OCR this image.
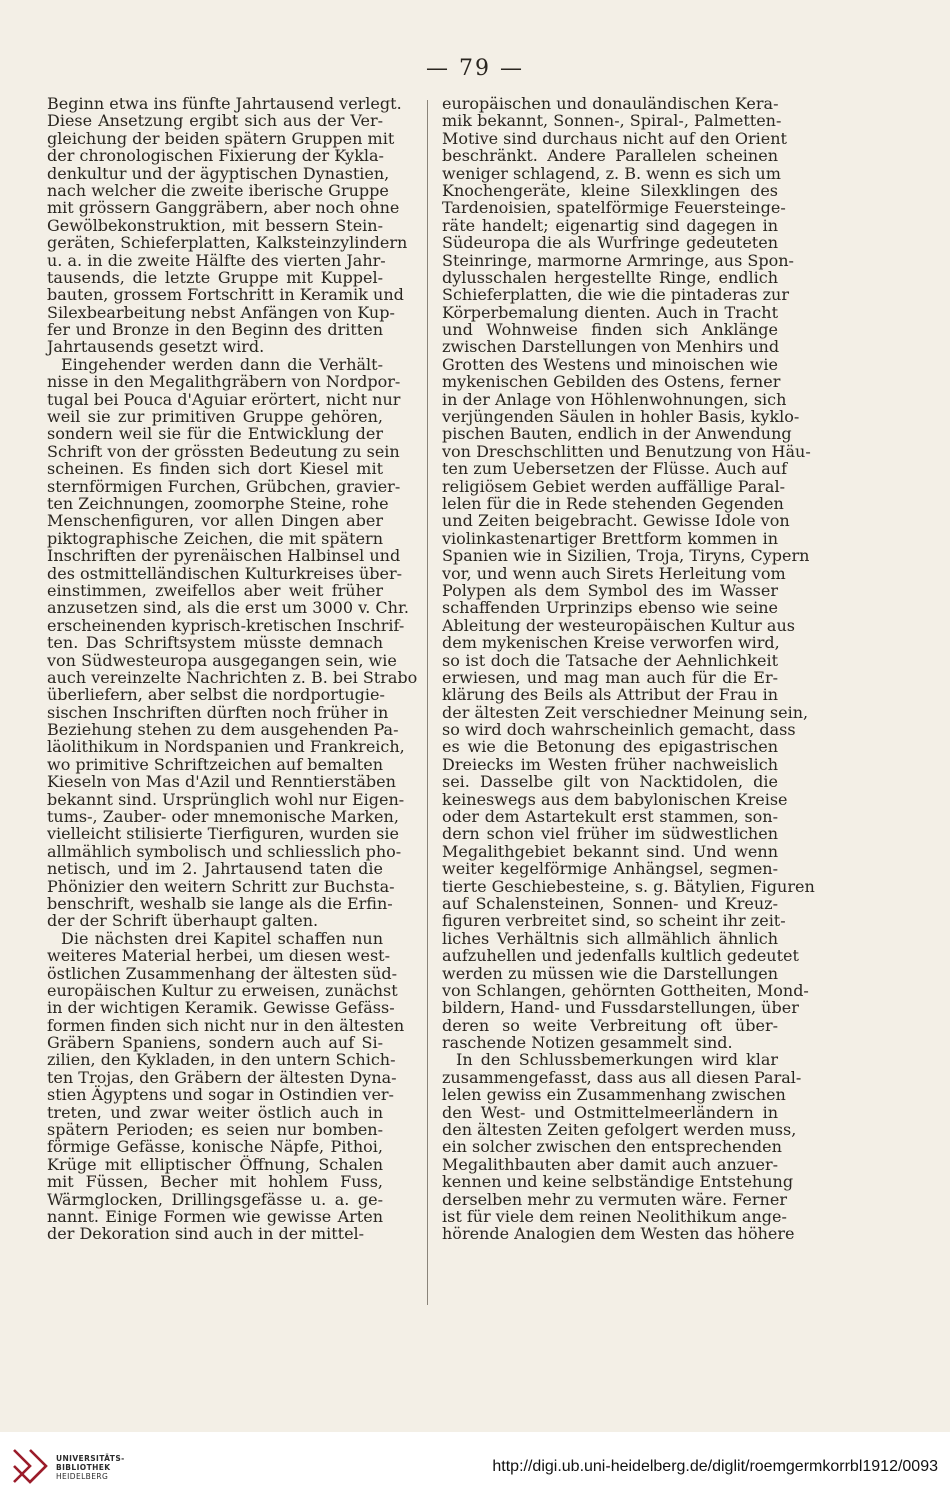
— 79 —
Beginn etwa ins fünfte Jahrtausend verlegt.
Diese Ansetzung ergibt sich aus der Ver-
gleichung der beiden spätern Gruppen mit
der chronologischen Fixierung der Kykla-
denkultur und der ägyptischen Dynastien,
nach welcher die zweite iberische Gruppe
mit grössern Ganggräbern, aber noch ohne
Gewölbekonstruktion, mit bessern Stein-
geräten, Schieferplatten, Kalksteinzylindern
u. a. in die zweite Hälfte des vierten Jahr-
tausends, die letzte Gruppe mit Kuppel-
bauten, grossem Fortschritt in Keramik und
Silexbearbeitung nebst Anfängen von Kup-
fer und Bronze in den Beginn des dritten
Jahrtausends gesetzt wird.
Eingehender werden dann die Verhält-
nisse in den Megalithgräbern von Nordpor-
tugal bei Pouca d'Aguiar erörtert, nicht nur
weil sie zur primitiven Gruppe gehören,
sondern weil sie für die Entwicklung der
Schrift von der grössten Bedeutung zu sein
scheinen. Es finden sich dort Kiesel mit
sternförmigen Furchen, Grübchen, gravier-
ten Zeichnungen, zoomorphe Steine, rohe
Menschenfiguren, vor allen Dingen aber
piktographische Zeichen, die mit spätern
Inschriften der pyrenäischen Halbinsel und
des ostmittelländischen Kulturkreises über-
einstimmen, zweifellos aber weit früher
anzusetzen sind, als die erst um 3000 v. Chr.
erscheinenden kyprisch-kretischen Inschrif-
ten. Das Schriftsystem müsste demnach
von Südwesteuropa ausgegangen sein, wie
auch vereinzelte Nachrichten z. B. bei Strabo
überliefern, aber selbst die nordportugie-
sischen Inschriften dürften noch früher in
Beziehung stehen zu dem ausgehenden Pa-
läolithikum in Nordspanien und Frankreich,
wo primitive Schriftzeichen auf bemalten
Kieseln von Mas d'Azil und Renntierstäben
bekannt sind. Ursprünglich wohl nur Eigen-
tums-, Zauber- oder mnemonische Marken,
vielleicht stilisierte Tierfiguren, wurden sie
allmählich symbolisch und schliesslich pho-
netisch, und im 2. Jahrtausend taten die
Phönizier den weitern Schritt zur Buchsta-
benschrift, weshalb sie lange als die Erfin-
der der Schrift überhaupt galten.
Die nächsten drei Kapitel schaffen nun
weiteres Material herbei, um diesen west-
östlichen Zusammenhang der ältesten süd-
europäischen Kultur zu erweisen, zunächst
in der wichtigen Keramik. Gewisse Gefäss-
formen finden sich nicht nur in den ältesten
Gräbern Spaniens, sondern auch auf Si-
zilien, den Kykladen, in den untern Schich-
ten Trojas, den Gräbern der ältesten Dyna-
stien Ägyptens und sogar in Ostindien ver-
treten, und zwar weiter östlich auch in
spätern Perioden; es seien nur bomben-
förmige Gefässe, konische Näpfe, Pithoi,
Krüge mit elliptischer Öffnung, Schalen
mit Füssen, Becher mit hohlem Fuss,
Wärmglocken, Drillingsgefässe u. a. ge-
nannt. Einige Formen wie gewisse Arten
der Dekoration sind auch in der mittel-
europäischen und donauländischen Kera-
mik bekannt, Sonnen-, Spiral-, Palmetten-
Motive sind durchaus nicht auf den Orient
beschränkt. Andere Parallelen scheinen
weniger schlagend, z. B. wenn es sich um
Knochengeräte, kleine Silexklingen des
Tardenoisien, spatelförmige Feuersteinge-
räte handelt; eigenartig sind dagegen in
Südeuropa die als Wurfringe gedeuteten
Steinringe, marmorne Armringe, aus Spon-
dylusschalen hergestellte Ringe, endlich
Schieferplatten, die wie die pintaderas zur
Körperbemalung dienten. Auch in Tracht
und Wohnweise finden sich Anklänge
zwischen Darstellungen von Menhirs und
Grotten des Westens und minoischen wie
mykenischen Gebilden des Ostens, ferner
in der Anlage von Höhlenwohnungen, sich
verjüngenden Säulen in hohler Basis, kyklo-
pischen Bauten, endlich in der Anwendung
von Dreschschlitten und Benutzung von Häu-
ten zum Uebersetzen der Flüsse. Auch auf
religiösem Gebiet werden auffällige Paral-
lelen für die in Rede stehenden Gegenden
und Zeiten beigebracht. Gewisse Idole von
violinkastenartiger Brettform kommen in
Spanien wie in Sizilien, Troja, Tiryns, Cypern
vor, und wenn auch Sirets Herleitung vom
Polypen als dem Symbol des im Wasser
schaffenden Urprinzips ebenso wie seine
Ableitung der westeuropäischen Kultur aus
dem mykenischen Kreise verworfen wird,
so ist doch die Tatsache der Aehnlichkeit
erwiesen, und mag man auch für die Er-
klärung des Beils als Attribut der Frau in
der ältesten Zeit verschiedner Meinung sein,
so wird doch wahrscheinlich gemacht, dass
es wie die Betonung des epigastrischen
Dreiecks im Westen früher nachweislich
sei. Dasselbe gilt von Nacktidolen, die
keineswegs aus dem babylonischen Kreise
oder dem Astartekult erst stammen, son-
dern schon viel früher im südwestlichen
Megalithgebiet bekannt sind. Und wenn
weiter kegelförmige Anhängsel, segmen-
tierte Geschiebesteine, s. g. Bätylien, Figuren
auf Schalensteinen, Sonnen- und Kreuz-
figuren verbreitet sind, so scheint ihr zeit-
liches Verhältnis sich allmählich ähnlich
aufzuhellen und jedenfalls kultlich gedeutet
werden zu müssen wie die Darstellungen
von Schlangen, gehörnten Gottheiten, Mond-
bildern, Hand- und Fussdarstellungen, über
deren so weite Verbreitung oft über-
raschende Notizen gesammelt sind.
In den Schlussbemerkungen wird klar
zusammengefasst, dass aus all diesen Paral-
lelen gewiss ein Zusammenhang zwischen
den West- und Ostmittelmeerländern in
den ältesten Zeiten gefolgert werden muss,
ein solcher zwischen den entsprechenden
Megalithbauten aber damit auch anzuer-
kennen und keine selbständige Entstehung
derselben mehr zu vermuten wäre. Ferner
ist für viele dem reinen Neolithikum ange-
hörende Analogien dem Westen das höhere
UNIVERSITÄTS-
BIBLIOTHEK
HEIDELBERG
http://digi.ub.uni-heidelberg.de/diglit/roemgermkorrbl1912/0093
